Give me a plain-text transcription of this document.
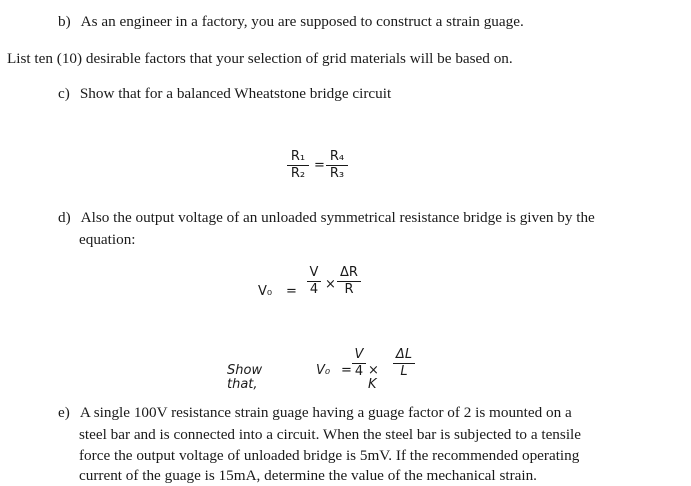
b) As an engineer in a factory, you are supposed to construct a strain guage.
List ten (10) desirable factors that your selection of grid materials will be based on.
c) Show that for a balanced Wheatstone bridge circuit
R₁
R₂
=
R₄
R₃
d) Also the output voltage of an unloaded symmetrical resistance bridge is given by the
equation:
V₀ =
V
4 ×
ΔR
R
Show that,
V₀ =
V
4 × K
ΔL
L
e) A single 100V resistance strain guage having a guage factor of 2 is mounted on a
steel bar and is connected into a circuit. When the steel bar is subjected to a tensile
force the output voltage of unloaded bridge is 5mV. If the recommended operating
current of the guage is 15mA, determine the value of the mechanical strain.
